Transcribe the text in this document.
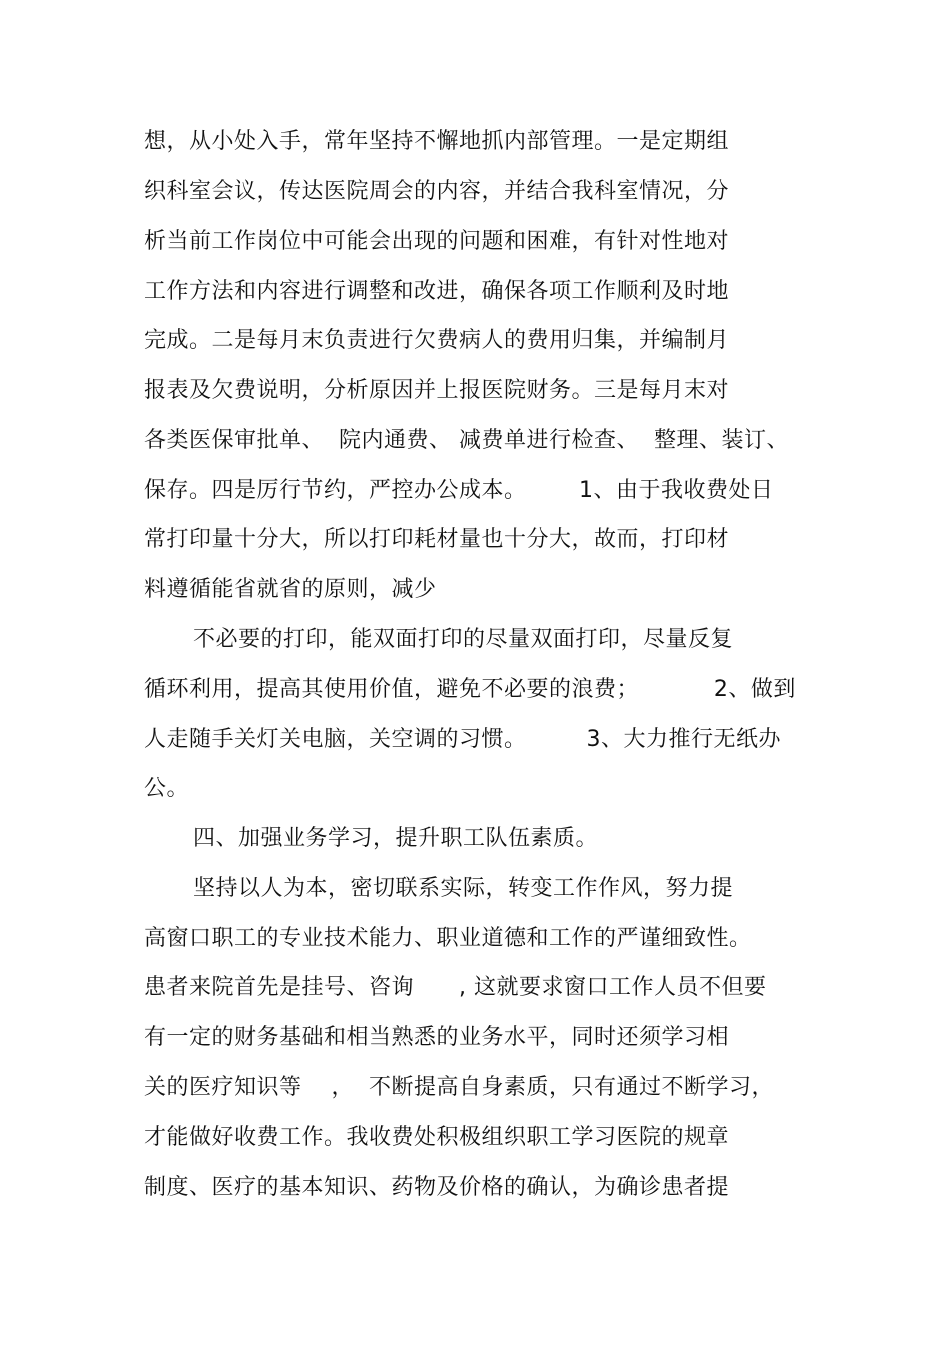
想，从小处入手，常年坚持不懈地抓内部管理。一是定期组
织科室会议，传达医院周会的内容，并结合我科室情况，分
析当前工作岗位中可能会出现的问题和困难，有针对性地对
工作方法和内容进行调整和改进，确保各项工作顺利及时地
完成。二是每月末负责进行欠费病人的费用归集，并编制月
报表及欠费说明，分析原因并上报医院财务。三是每月末对
各类医保审批单、  院内通费、 减费单进行检查、  整理、装订、
保存。四是厉行节约，严控办公成本。       1、由于我收费处日
常打印量十分大，所以打印耗材量也十分大，故而，打印材
料遵循能省就省的原则，减少
不必要的打印，能双面打印的尽量双面打印，尽量反复
循环利用，提高其使用价值，避免不必要的浪费；          2、做到
人走随手关灯关电脑，关空调的习惯。        3、大力推行无纸办
公。
四、加强业务学习，提升职工队伍素质。
坚持以人为本，密切联系实际，转变工作作风，努力提
高窗口职工的专业技术能力、职业道德和工作的严谨细致性。
患者来院首先是挂号、咨询      , 这就要求窗口工作人员不但要
有一定的财务基础和相当熟悉的业务水平，同时还须学习相
关的医疗知识等    ，  不断提高自身素质，只有通过不断学习，
才能做好收费工作。我收费处积极组织职工学习医院的规章
制度、医疗的基本知识、药物及价格的确认，为确诊患者提
